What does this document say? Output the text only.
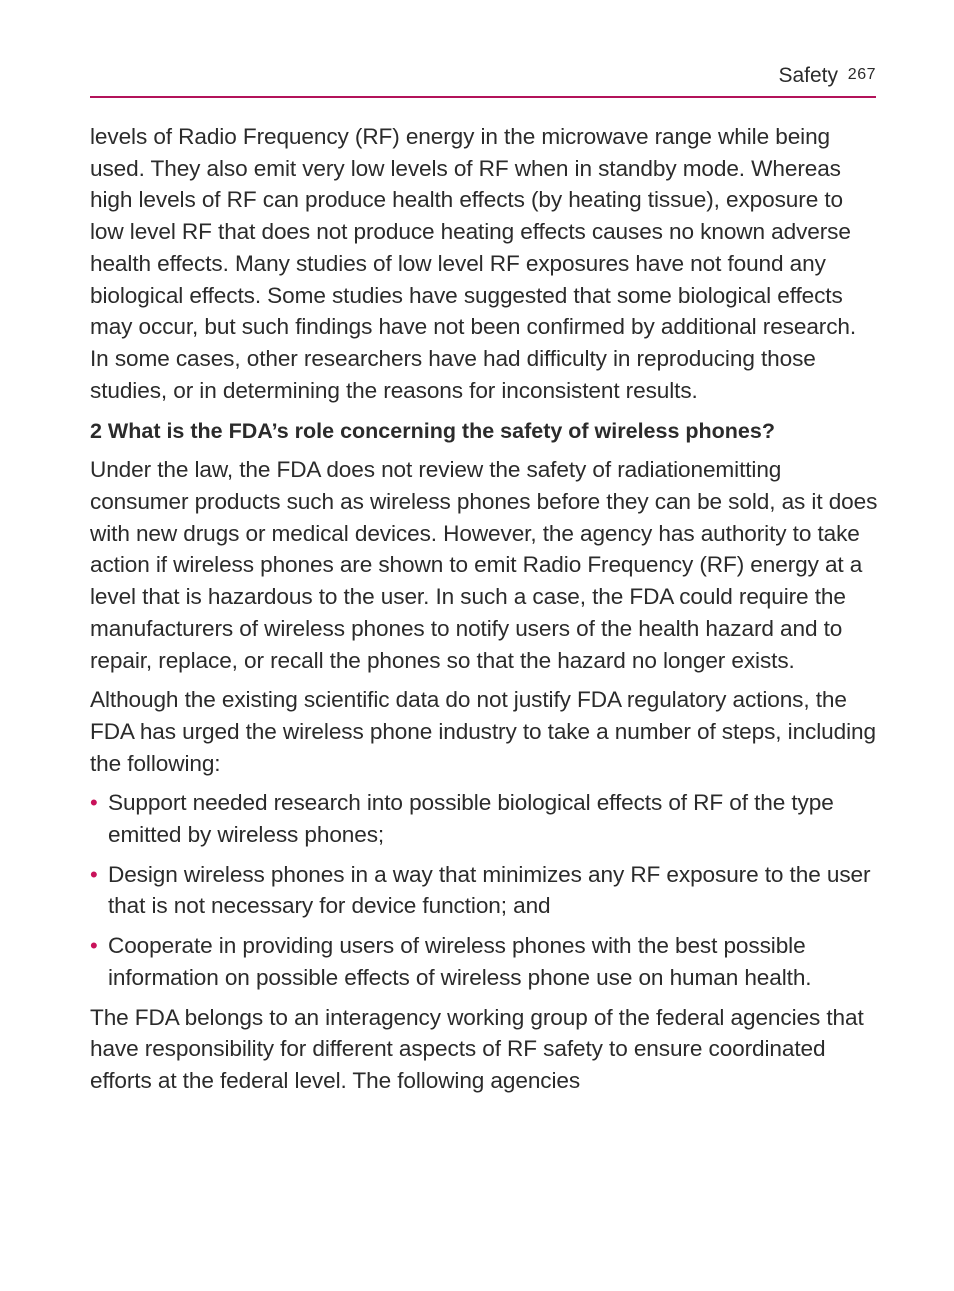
Safety 267

levels of Radio Frequency (RF) energy in the microwave range while being used. They also emit very low levels of RF when in standby mode. Whereas high levels of RF can produce health effects (by heating tissue), exposure to low level RF that does not produce heating effects causes no known adverse health effects. Many studies of low level RF exposures have not found any biological effects. Some studies have suggested that some biological effects may occur, but such findings have not been confirmed by additional research. In some cases, other researchers have had difficulty in reproducing those studies, or in determining the reasons for inconsistent results.

2 What is the FDA’s role concerning the safety of wireless phones?

Under the law, the FDA does not review the safety of radiationemitting consumer products such as wireless phones before they can be sold, as it does with new drugs or medical devices. However, the agency has authority to take action if wireless phones are shown to emit Radio Frequency (RF) energy at a level that is hazardous to the user. In such a case, the FDA could require the manufacturers of wireless phones to notify users of the health hazard and to repair, replace, or recall the phones so that the hazard no longer exists.

Although the existing scientific data do not justify FDA regulatory actions, the FDA has urged the wireless phone industry to take a number of steps, including the following:

• Support needed research into possible biological effects of RF of the type emitted by wireless phones;
• Design wireless phones in a way that minimizes any RF exposure to the user that is not necessary for device function; and
• Cooperate in providing users of wireless phones with the best possible information on possible effects of wireless phone use on human health.

The FDA belongs to an interagency working group of the federal agencies that have responsibility for different aspects of RF safety to ensure coordinated efforts at the federal level. The following agencies
